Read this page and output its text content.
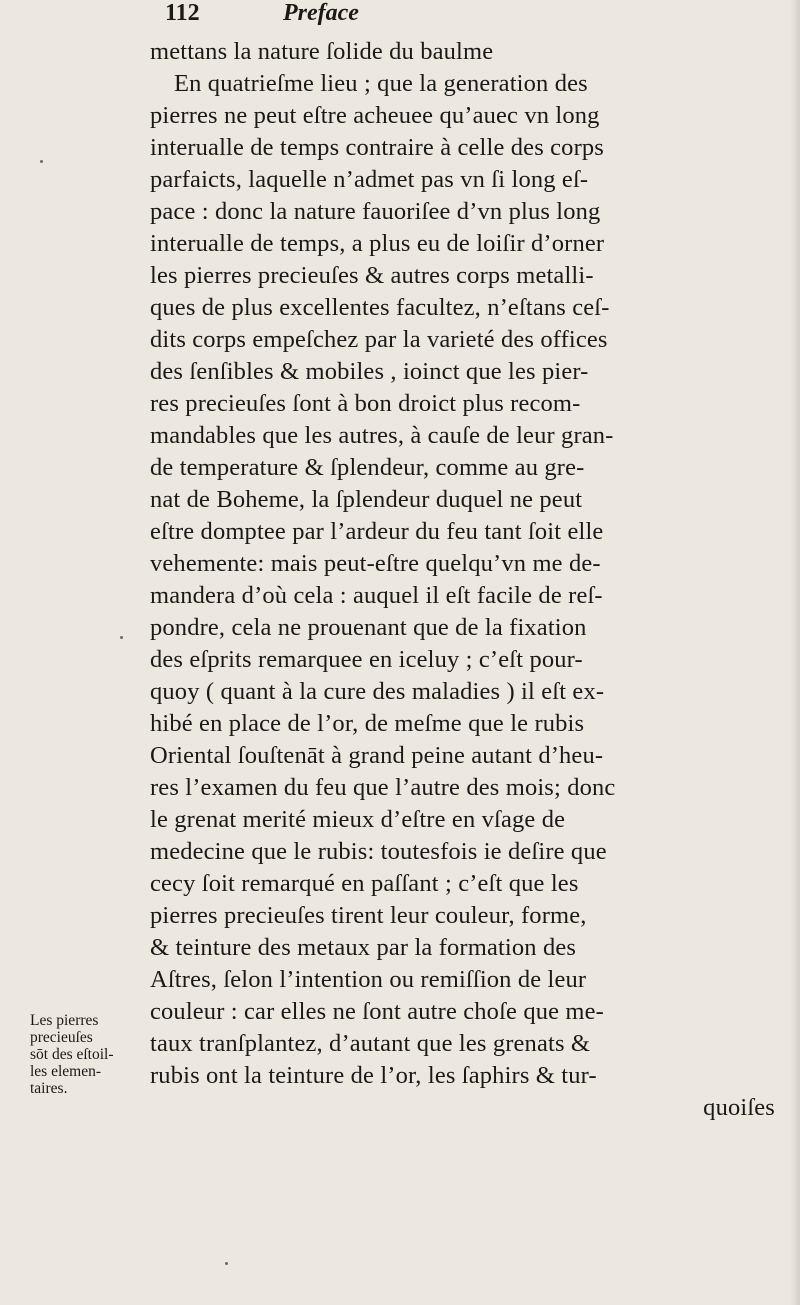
112	Preface
mettans la nature ſolide du baulme
En quatrieſme lieu ; que la generation des
pierres ne peut eſtre acheuee qu’auec vn long
interualle de temps contraire à celle des corps
parfaicts, laquelle n’admet pas vn ſi long eſ-
pace : donc la nature fauoriſee d’vn plus long
interualle de temps, a plus eu de loiſir d’orner
les pierres precieuſes & autres corps metalli-
ques de plus excellentes facultez, n’eſtans ceſ-
dits corps empeſchez par la varieté des offices
des ſenſibles & mobiles , ioinct que les pier-
res precieuſes ſont à bon droict plus recom-
mandables que les autres, à cauſe de leur gran-
de temperature & ſplendeur, comme au gre-
nat de Boheme, la ſplendeur duquel ne peut
eſtre domptee par l’ardeur du feu tant ſoit elle
vehemente: mais peut-eſtre quelqu’vn me de-
mandera d’où cela : auquel il eſt facile de reſ-
pondre, cela ne prouenant que de la fixation
des eſprits remarquee en iceluy ; c’eſt pour-
quoy ( quant à la cure des maladies ) il eſt ex-
hibé en place de l’or, de meſme que le rubis
Oriental ſouſtenāt à grand peine autant d’heu-
res l’examen du feu que l’autre des mois; donc
le grenat merité mieux d’eſtre en vſage de
medecine que le rubis: toutesfois ie deſire que
cecy ſoit remarqué en paſſant ; c’eſt que les
pierres precieuſes tirent leur couleur, forme,
& teinture des metaux par la formation des
Aſtres, ſelon l’intention ou remiſſion de leur
couleur : car elles ne ſont autre choſe que me-
taux tranſplantez, d’autant que les grenats &
rubis ont la teinture de l’or, les ſaphirs & tur-
quoiſes
Les pierres
precieuſes
sōt des eſtoil-
les elemen-
taires.
